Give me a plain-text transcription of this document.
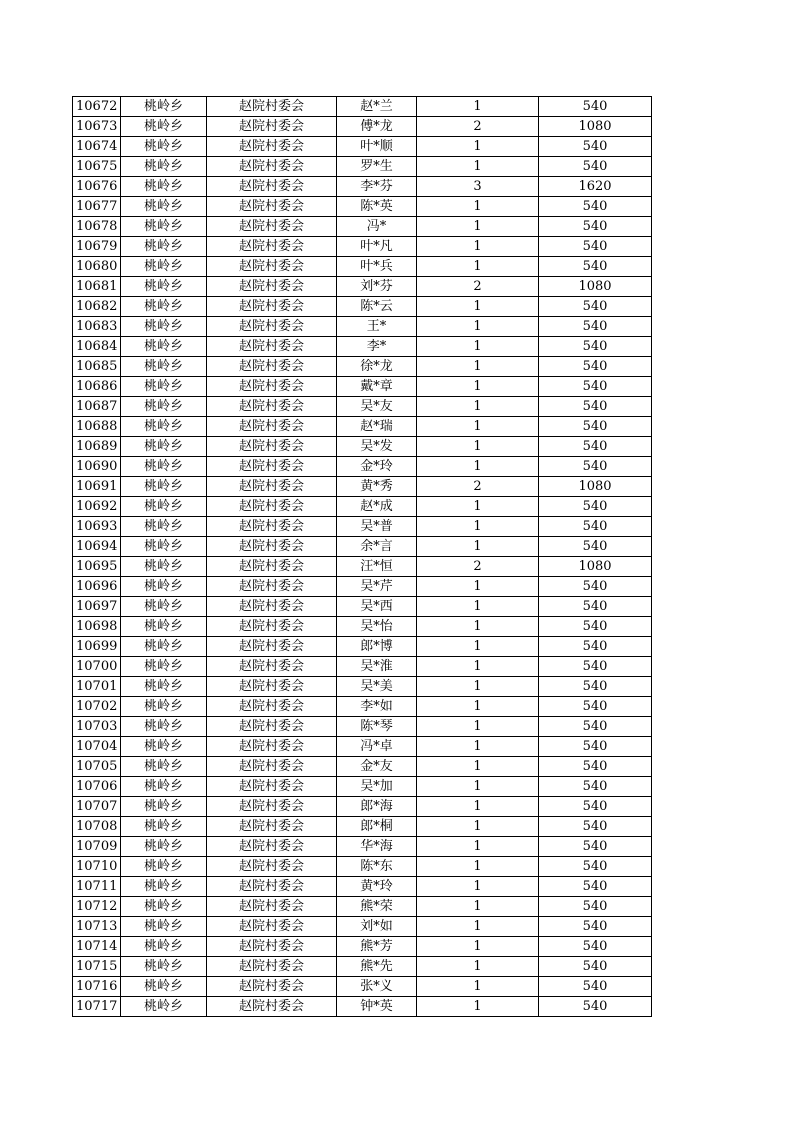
10672	桃岭乡	赵院村委会	赵*兰	1	540
10673	桃岭乡	赵院村委会	傅*龙	2	1080
10674	桃岭乡	赵院村委会	叶*顺	1	540
10675	桃岭乡	赵院村委会	罗*生	1	540
10676	桃岭乡	赵院村委会	李*芬	3	1620
10677	桃岭乡	赵院村委会	陈*英	1	540
10678	桃岭乡	赵院村委会	冯*	1	540
10679	桃岭乡	赵院村委会	叶*凡	1	540
10680	桃岭乡	赵院村委会	叶*兵	1	540
10681	桃岭乡	赵院村委会	刘*芬	2	1080
10682	桃岭乡	赵院村委会	陈*云	1	540
10683	桃岭乡	赵院村委会	王*	1	540
10684	桃岭乡	赵院村委会	李*	1	540
10685	桃岭乡	赵院村委会	徐*龙	1	540
10686	桃岭乡	赵院村委会	戴*章	1	540
10687	桃岭乡	赵院村委会	吴*友	1	540
10688	桃岭乡	赵院村委会	赵*瑞	1	540
10689	桃岭乡	赵院村委会	吴*发	1	540
10690	桃岭乡	赵院村委会	金*玲	1	540
10691	桃岭乡	赵院村委会	黄*秀	2	1080
10692	桃岭乡	赵院村委会	赵*成	1	540
10693	桃岭乡	赵院村委会	吴*普	1	540
10694	桃岭乡	赵院村委会	余*言	1	540
10695	桃岭乡	赵院村委会	汪*恒	2	1080
10696	桃岭乡	赵院村委会	吴*芹	1	540
10697	桃岭乡	赵院村委会	吴*西	1	540
10698	桃岭乡	赵院村委会	吴*怡	1	540
10699	桃岭乡	赵院村委会	郎*博	1	540
10700	桃岭乡	赵院村委会	吴*淮	1	540
10701	桃岭乡	赵院村委会	吴*美	1	540
10702	桃岭乡	赵院村委会	李*如	1	540
10703	桃岭乡	赵院村委会	陈*琴	1	540
10704	桃岭乡	赵院村委会	冯*卓	1	540
10705	桃岭乡	赵院村委会	金*友	1	540
10706	桃岭乡	赵院村委会	吴*加	1	540
10707	桃岭乡	赵院村委会	郎*海	1	540
10708	桃岭乡	赵院村委会	郎*桐	1	540
10709	桃岭乡	赵院村委会	华*海	1	540
10710	桃岭乡	赵院村委会	陈*东	1	540
10711	桃岭乡	赵院村委会	黄*玲	1	540
10712	桃岭乡	赵院村委会	熊*荣	1	540
10713	桃岭乡	赵院村委会	刘*如	1	540
10714	桃岭乡	赵院村委会	熊*芳	1	540
10715	桃岭乡	赵院村委会	熊*先	1	540
10716	桃岭乡	赵院村委会	张*义	1	540
10717	桃岭乡	赵院村委会	钟*英	1	540
